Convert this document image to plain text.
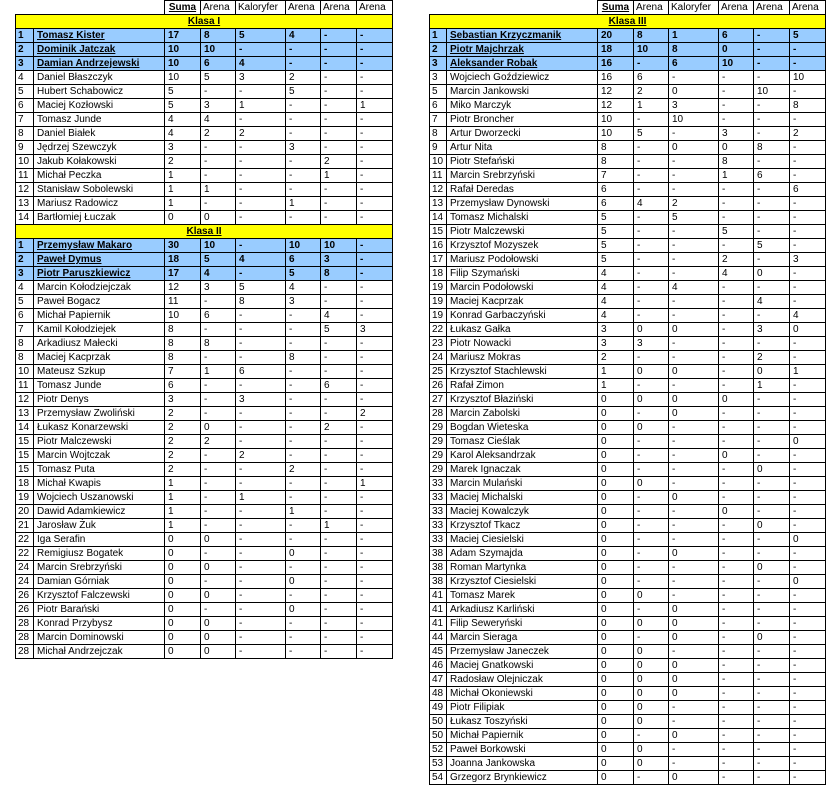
		Suma	Arena	Kaloryfer	Arena	Arena	Arena
Klasa I							
1	Tomasz Kister	17	8	5	4	-	-
2	Dominik Jatczak	10	10	-	-	-	-
3	Damian Andrzejewski	10	6	4	-	-	-
4	Daniel Błaszczyk	10	5	3	2	-	-
5	Hubert Schabowicz	5	-	-	5	-	-
6	Maciej Kozłowski	5	3	1	-	-	1
7	Tomasz Junde	4	4	-	-	-	-
8	Daniel Białek	4	2	2	-	-	-
9	Jędrzej Szewczyk	3	-	-	3	-	-
10	Jakub Kołakowski	2	-	-	-	2	-
11	Michał Peczka	1	-	-	-	1	-
12	Stanisław Sobolewski	1	1	-	-	-	-
13	Mariusz Radowicz	1	-	-	1	-	-
14	Bartłomiej Łuczak	0	0	-	-	-	-
Klasa II							
1	Przemysław Makaro	30	10	-	10	10	-
2	Paweł Dymus	18	5	4	6	3	-
3	Piotr Paruszkiewicz	17	4	-	5	8	-
4	Marcin Kołodziejczak	12	3	5	4	-	-
5	Paweł Bogacz	11	-	8	3	-	-
6	Michał Papiernik	10	6	-	-	4	-
7	Kamil Kołodziejek	8	-	-	-	5	3
8	Arkadiusz Małecki	8	8	-	-	-	-
8	Maciej Kacprzak	8	-	-	8	-	-
10	Mateusz Szkup	7	1	6	-	-	-
11	Tomasz Junde	6	-	-	-	6	-
12	Piotr Denys	3	-	3	-	-	-
13	Przemysław Zwoliński	2	-	-	-	-	2
14	Łukasz Konarzewski	2	0	-	-	2	-
15	Piotr Malczewski	2	2	-	-	-	-
15	Marcin Wojtczak	2	-	2	-	-	-
15	Tomasz Puta	2	-	-	2	-	-
18	Michał Kwapis	1	-	-	-	-	1
19	Wojciech Uszanowski	1	-	1	-	-	-
20	Dawid Adamkiewicz	1	-	-	1	-	-
21	Jarosław Żuk	1	-	-	-	1	-
22	Iga Serafin	0	0	-	-	-	-
22	Remigiusz Bogatek	0	-	-	0	-	-
24	Marcin Srebrzyński	0	0	-	-	-	-
24	Damian Górniak	0	-	-	0	-	-
26	Krzysztof Falczewski	0	0	-	-	-	-
26	Piotr Barański	0	-	-	0	-	-
28	Konrad Przybysz	0	0	-	-	-	-
28	Marcin Dominowski	0	0	-	-	-	-
28	Michał Andrzejczak	0	0	-	-	-	-
		Suma	Arena	Kaloryfer	Arena	Arena	Arena
Klasa III							
1	Sebastian Krzyczmanik	20	8	1	6	-	5
2	Piotr Majchrzak	18	10	8	0	-	-
3	Aleksander Robak	16	-	6	10	-	-
3	Wojciech Goździewicz	16	6	-	-	-	10
5	Marcin Jankowski	12	2	0	-	10	-
6	Miko Marczyk	12	1	3	-	-	8
7	Piotr Broncher	10	-	10	-	-	-
8	Artur Dworzecki	10	5	-	3	-	2
9	Artur Nita	8	-	0	0	8	-
10	Piotr Stefański	8	-	-	8	-	-
11	Marcin Srebrzyński	7	-	-	1	6	-
12	Rafał Deredas	6	-	-	-	-	6
13	Przemysław Dynowski	6	4	2	-	-	-
14	Tomasz Michalski	5	-	5	-	-	-
15	Piotr Malczewski	5	-	-	5	-	-
16	Krzysztof Mozyszek	5	-	-	-	5	-
17	Mariusz Podołowski	5	-	-	2	-	3
18	Filip Szymański	4	-	-	4	0	-
19	Marcin Podołowski	4	-	4	-	-	-
19	Maciej Kacprzak	4	-	-	-	4	-
19	Konrad Garbaczyński	4	-	-	-	-	4
22	Łukasz Gałka	3	0	0	-	3	0
23	Piotr Nowacki	3	3	-	-	-	-
24	Mariusz Mokras	2	-	-	-	2	-
25	Krzysztof Stachlewski	1	0	0	-	0	1
26	Rafał Zimon	1	-	-	-	1	-
27	Krzysztof Błaziński	0	0	0	0	-	-
28	Marcin Zabolski	0	-	0	-	-	-
29	Bogdan Wieteska	0	0	-	-	-	-
29	Tomasz Cieślak	0	-	-	-	-	0
29	Karol Aleksandrzak	0	-	-	0	-	-
29	Marek Ignaczak	0	-	-	-	0	-
33	Marcin Mulański	0	0	-	-	-	-
33	Maciej Michalski	0	-	0	-	-	-
33	Maciej Kowalczyk	0	-	-	0	-	-
33	Krzysztof Tkacz	0	-	-	-	0	-
33	Maciej Ciesielski	0	-	-	-	-	0
38	Adam Szymajda	0	-	0	-	-	-
38	Roman Martynka	0	-	-	-	0	-
38	Krzysztof Ciesielski	0	-	-	-	-	0
41	Tomasz Marek	0	0	-	-	-	-
41	Arkadiusz Karliński	0	-	0	-	-	-
41	Filip Seweryński	0	0	0	-	-	-
44	Marcin Sieraga	0	-	0	-	0	-
45	Przemysław Janeczek	0	0	-	-	-	-
46	Maciej Gnatkowski	0	0	0	-	-	-
47	Radosław Olejniczak	0	0	0	-	-	-
48	Michał Okoniewski	0	0	0	-	-	-
49	Piotr Filipiak	0	0	-	-	-	-
50	Łukasz Toszyński	0	0	-	-	-	-
50	Michał Papiernik	0	-	0	-	-	-
52	Paweł Borkowski	0	0	-	-	-	-
53	Joanna Jankowska	0	0	-	-	-	-
54	Grzegorz Brynkiewicz	0	-	0	-	-	-
